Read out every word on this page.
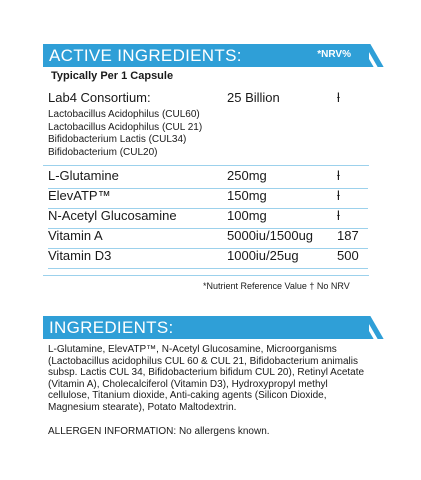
ACTIVE INGREDIENTS:	*NRV%
Typically Per 1 Capsule
Lab4 Consortium:	25 Billion	ƚ
Lactobacillus Acidophilus (CUL60)
Lactobacillus Acidophilus (CUL 21)
Bifidobacterium Lactis (CUL34)
Bifidobacterium (CUL20)
L-Glutamine	250mg	ƚ
ElevATP™	150mg	ƚ
N-Acetyl Glucosamine	100mg	ƚ
Vitamin A	5000iu/1500ug 187
Vitamin D3	1000iu/25ug	500
*Nutrient Reference Value † No NRV
INGREDIENTS:

L-Glutamine, ElevATP™, N-Acetyl Glucosamine, Microorganisms (Lactobacillus acidophilus CUL 60 & CUL 21, Bifidobacterium animalis subsp. Lactis CUL 34, Bifidobacterium bifidum CUL 20), Retinyl Acetate (Vitamin A), Cholecalciferol (Vitamin D3), Hydroxypropyl methyl cellulose, Titanium dioxide, Anti-caking agents (Silicon Dioxide, Magnesium stearate), Potato Maltodextrin.

ALLERGEN INFORMATION: No allergens known.
